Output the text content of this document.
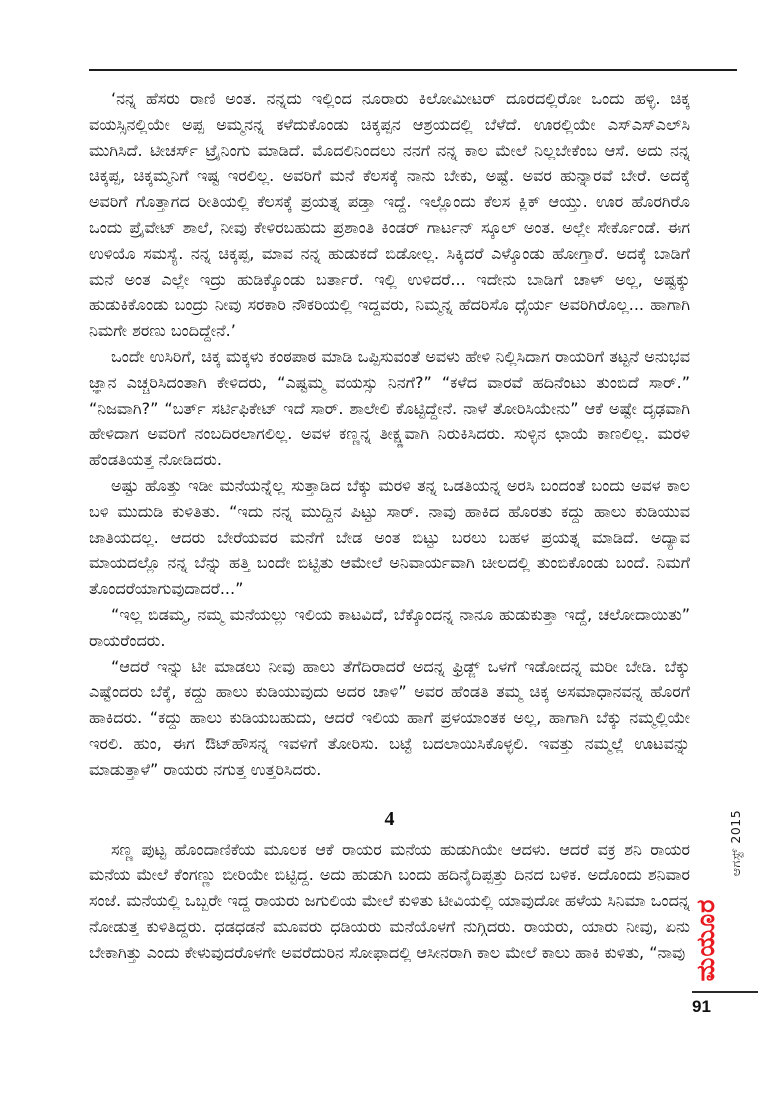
‘ನನ್ನ ಹೆಸರು ರಾಣಿ ಅಂತ. ನನ್ನದು ಇಲ್ಲಿಂದ ನೂರಾರು ಕಿಲೋಮೀಟರ್ ದೂರದಲ್ಲಿರೋ ಒಂದು ಹಳ್ಳಿ. ಚಿಕ್ಕ ವಯಸ್ಸಿನಲ್ಲಿಯೇ ಅಪ್ಪ ಅಮ್ಮನನ್ನ ಕಳೆದುಕೊಂಡು ಚಿಕ್ಕಪ್ಪನ ಆಶ್ರಯದಲ್ಲಿ ಬೆಳೆದೆ. ಊರಲ್ಲಿಯೇ ಎಸ್‌ಎಸ್‌ಎಲ್‌ಸಿ ಮುಗಿಸಿದೆ. ಟೀಚರ್ಸ್‌ ಟ್ರೈನಿಂಗು ಮಾಡಿದೆ. ಮೊದಲಿನಿಂದಲು ನನಗೆ ನನ್ನ ಕಾಲ ಮೇಲೆ ನಿಲ್ಲಬೇಕೆಂಬ ಆಸೆ. ಅದು ನನ್ನ ಚಿಕ್ಕಪ್ಪ, ಚಿಕ್ಕಮ್ಮನಿಗೆ ಇಷ್ಟ ಇರಲಿಲ್ಲ. ಅವರಿಗೆ ಮನೆ ಕೆಲಸಕ್ಕೆ ನಾನು ಬೇಕು, ಅಷ್ಟೆ. ಅವರ ಹುನ್ನಾರವೆ ಬೇರೆ. ಅದಕ್ಕೆ ಅವರಿಗೆ ಗೊತ್ತಾಗದ ರೀತಿಯಲ್ಲಿ ಕೆಲಸಕ್ಕೆ ಪ್ರಯತ್ನ ಪಡ್ತಾ ಇದ್ದೆ. ಇಲ್ಲೊಂದು ಕೆಲಸ ಕ್ಲಿಕ್ ಆಯ್ತು. ಊರ ಹೊರಗಿರೊ ಒಂದು ಪ್ರೈವೇಟ್ ಶಾಲೆ, ನೀವು ಕೇಳಿರಬಹುದು ಪ್ರಶಾಂತಿ ಕಿಂಡರ್ ಗಾರ್ಟನ್ ಸ್ಕೂಲ್ ಅಂತ. ಅಲ್ಲೇ ಸೇರ್ಕೊಂಡೆ. ಈಗ ಉಳಿಯೊ ಸಮಸ್ಯೆ. ನನ್ನ ಚಿಕ್ಕಪ್ಪ, ಮಾವ ನನ್ನ ಹುಡುಕದೆ ಬಿಡೋಲ್ಲ. ಸಿಕ್ಕಿದರೆ ಎಳ್ಕೊಂಡು ಹೋಗ್ತಾರೆ. ಅದಕ್ಕೆ ಬಾಡಿಗೆ ಮನೆ ಅಂತ ಎಲ್ಲೇ ಇದ್ರು ಹುಡಿಕ್ಕೊಂಡು ಬರ್ತಾರೆ. ಇಲ್ಲಿ ಉಳಿದರೆ... ಇದೇನು ಬಾಡಿಗೆ ಚಾಳ್‌ ಅಲ್ಲ, ಅಷ್ಟಕ್ಕು ಹುಡುಕಿಕೊಂಡು ಬಂದ್ರು ನೀವು ಸರಕಾರಿ ನೌಕರಿಯಲ್ಲಿ ಇದ್ದವರು, ನಿಮ್ಮನ್ನ ಹೆದರಿಸೊ ಧೈರ್ಯ ಅವರಿಗಿರೊಲ್ಲ... ಹಾಗಾಗಿ ನಿಮಗೇ ಶರಣು ಬಂದಿದ್ದೇನೆ.’

ಒಂದೇ ಉಸಿರಿಗೆ, ಚಿಕ್ಕ ಮಕ್ಕಳು ಕಂಠಪಾಠ ಮಾಡಿ ಒಪ್ಪಿಸುವಂತೆ ಅವಳು ಹೇಳಿ ನಿಲ್ಲಿಸಿದಾಗ ರಾಯರಿಗೆ ತಟ್ಟನೆ ಅನುಭವ ಜ್ಞಾನ ಎಚ್ಚರಿಸಿದಂತಾಗಿ ಕೇಳಿದರು, “ಎಷ್ಟಮ್ಮ ವಯಸ್ಸು ನಿನಗೆ?” “ಕಳೆದ ವಾರವೆ ಹದಿನೆಂಟು ತುಂಬಿದೆ ಸಾರ್.” “ನಿಜವಾಗಿ?” “ಬರ್ತ್‌ ಸರ್ಟಿಫಿಕೇಟ್‌ ಇದೆ ಸಾರ್. ಶಾಲೇಲಿ ಕೊಟ್ಟಿದ್ದೇನೆ. ನಾಳೆ ತೋರಿಸಿಯೇನು” ಆಕೆ ಅಷ್ಟೇ ದೃಢವಾಗಿ ಹೇಳಿದಾಗ ಅವರಿಗೆ ನಂಬದಿರಲಾಗಲಿಲ್ಲ. ಅವಳ ಕಣ್ಣನ್ನ ತೀಕ್ಷ್ಣವಾಗಿ ನಿರುಕಿಸಿದರು. ಸುಳ್ಳಿನ ಛಾಯೆ ಕಾಣಲಿಲ್ಲ. ಮರಳಿ ಹೆಂಡತಿಯತ್ತ ನೋಡಿದರು.

ಅಷ್ಟು ಹೊತ್ತು ಇಡೀ ಮನೆಯನ್ನೆಲ್ಲ ಸುತ್ತಾಡಿದ ಬೆಕ್ಕು ಮರಳಿ ತನ್ನ ಒಡತಿಯನ್ನ ಅರಸಿ ಬಂದಂತೆ ಬಂದು ಅವಳ ಕಾಲ ಬಳಿ ಮುದುಡಿ ಕುಳಿತಿತು. “ಇದು ನನ್ನ ಮುದ್ದಿನ ಪಿಟ್ಟು ಸಾರ್. ನಾವು ಹಾಕಿದ ಹೊರತು ಕದ್ದು ಹಾಲು ಕುಡಿಯುವ ಜಾತಿಯದಲ್ಲ. ಆದರು ಬೇರೆಯವರ ಮನೆಗೆ ಬೇಡ ಅಂತ ಬಿಟ್ಟು ಬರಲು ಬಹಳ ಪ್ರಯತ್ನ ಮಾಡಿದೆ. ಅದ್ಯಾವ ಮಾಯದಲ್ಲೊ ನನ್ನ ಬೆನ್ನು ಹತ್ತಿ ಬಂದೇ ಬಿಟ್ಟಿತು ಆಮೇಲೆ ಅನಿವಾರ್ಯವಾಗಿ ಚೀಲದಲ್ಲಿ ತುಂಬಿಕೊಂಡು ಬಂದೆ. ನಿಮಗೆ ತೊಂದರೆಯಾಗುವುದಾದರೆ...”

“ಇಲ್ಲ ಬಿಡಮ್ಮ, ನಮ್ಮ ಮನೆಯಲ್ಲು ಇಲಿಯ ಕಾಟವಿದೆ, ಬೆಕ್ಕೊಂದನ್ನ ನಾನೂ ಹುಡುಕುತ್ತಾ ಇದ್ದೆ, ಚಲೋದಾಯಿತು” ರಾಯರೆಂದರು.

“ಆದರೆ ಇನ್ನು ಟೀ ಮಾಡಲು ನೀವು ಹಾಲು ತೆಗೆದಿರಾದರೆ ಅದನ್ನ ಫ್ರಿಡ್ಜ್‌ ಒಳಗೆ ಇಡೋದನ್ನ ಮರೀ ಬೇಡಿ. ಬೆಕ್ಕು ಎಷ್ಟೆಂದರು ಬೆಕ್ಕೆ, ಕದ್ದು ಹಾಲು ಕುಡಿಯುವುದು ಅದರ ಚಾಳಿ” ಅವರ ಹೆಂಡತಿ ತಮ್ಮ ಚಿಕ್ಕ ಅಸಮಾಧಾನವನ್ನ ಹೊರಗೆ ಹಾಕಿದರು. “ಕದ್ದು ಹಾಲು ಕುಡಿಯಬಹುದು, ಆದರೆ ಇಲಿಯ ಹಾಗೆ ಪ್ರಳಯಾಂತಕ ಅಲ್ಲ, ಹಾಗಾಗಿ ಬೆಕ್ಕು ನಮ್ಮಲ್ಲಿಯೇ ಇರಲಿ. ಹುಂ, ಈಗ ಔಟ್‌ಹೌಸನ್ನ ಇವಳಿಗೆ ತೋರಿಸು. ಬಟ್ಟೆ ಬದಲಾಯಿಸಿಕೊಳ್ಳಲಿ. ಇವತ್ತು ನಮ್ಮಲ್ಲೆ ಊಟವನ್ನು ಮಾಡುತ್ತಾಳೆ” ರಾಯರು ನಗುತ್ತ ಉತ್ತರಿಸಿದರು.

4

ಸಣ್ಣ ಪುಟ್ಟ ಹೊಂದಾಣಿಕೆಯ ಮೂಲಕ ಆಕೆ ರಾಯರ ಮನೆಯ ಹುಡುಗಿಯೇ ಆದಳು. ಆದರೆ ವಕ್ರ ಶನಿ ರಾಯರ ಮನೆಯ ಮೇಲೆ ಕೆಂಗಣ್ಣು ಬೀರಿಯೇ ಬಿಟ್ಟಿದ್ದ. ಅದು ಹುಡುಗಿ ಬಂದು ಹದಿನೈದಿಪ್ಪತ್ತು ದಿನದ ಬಳಿಕ. ಅದೊಂದು ಶನಿವಾರ ಸಂಜೆ. ಮನೆಯಲ್ಲಿ ಒಬ್ಬರೇ ಇದ್ದ ರಾಯರು ಜಗುಲಿಯ ಮೇಲೆ ಕುಳಿತು ಟೀವಿಯಲ್ಲಿ ಯಾವುದೋ ಹಳೆಯ ಸಿನಿಮಾ ಒಂದನ್ನ ನೋಡುತ್ತ ಕುಳಿತಿದ್ದರು. ಧಡಧಡನೆ ಮೂವರು ಧಡಿಯರು ಮನೆಯೊಳಗೆ ನುಗ್ಗಿದರು. ರಾಯರು, ಯಾರು ನೀವು, ಏನು ಬೇಕಾಗಿತ್ತು ಎಂದು ಕೇಳುವುದರೊಳಗೇ ಅವರೆದುರಿನ ಸೋಫಾದಲ್ಲಿ ಆಸೀನರಾಗಿ ಕಾಲ ಮೇಲೆ ಕಾಲು ಹಾಕಿ ಕುಳಿತು, “ನಾವು

ಆಗಸ್ಟ್ 2015
ಮಯೂರ
91
